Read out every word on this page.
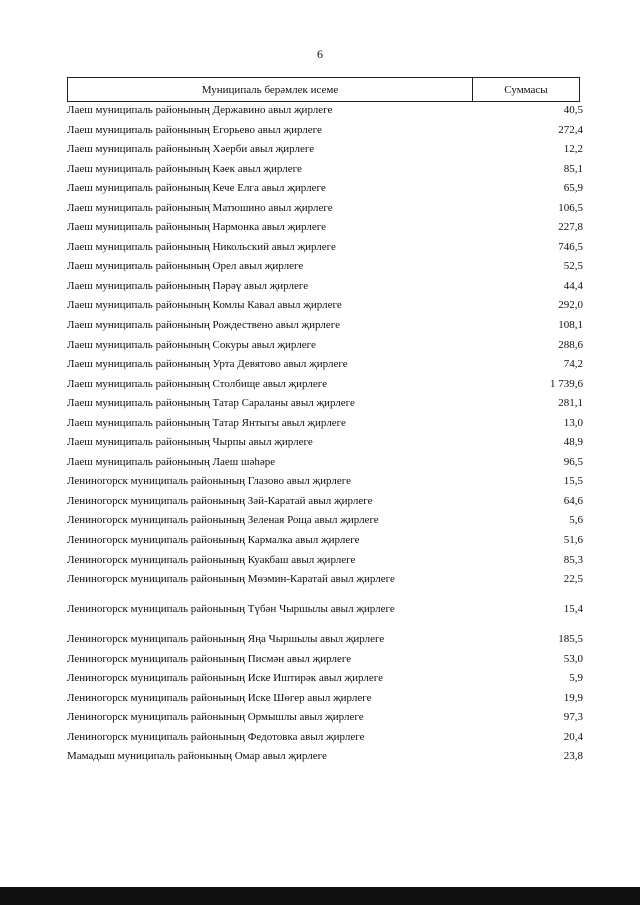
6
Муниципаль берәмлек исеме	Суммасы
Лаеш муниципаль районының Державино авыл җирлеге	40,5
Лаеш муниципаль районының Егорьево авыл җирлеге	272,4
Лаеш муниципаль районының Хәерби авыл җирлеге	12,2
Лаеш муниципаль районының Кәек авыл җирлеге	85,1
Лаеш муниципаль районының Кече Елга авыл җирлеге	65,9
Лаеш муниципаль районының Матюшино авыл җирлеге	106,5
Лаеш муниципаль районының Нармонка авыл җирлеге	227,8
Лаеш муниципаль районының Никольский авыл җирлеге	746,5
Лаеш муниципаль районының Орел авыл җирлеге	52,5
Лаеш муниципаль районының Пәрәү авыл җирлеге	44,4
Лаеш муниципаль районының Комлы Кавал авыл җирлеге	292,0
Лаеш муниципаль районының Рождествено авыл җирлеге	108,1
Лаеш муниципаль районының Сокуры авыл җирлеге	288,6
Лаеш муниципаль районының Урта Девятово авыл җирлеге	74,2
Лаеш муниципаль районының Столбище авыл җирлеге	1 739,6
Лаеш муниципаль районының Татар Сараланы авыл җирлеге	281,1
Лаеш муниципаль районының Татар Янтыгы авыл җирлеге	13,0
Лаеш муниципаль районының Чырпы авыл җирлеге	48,9
Лаеш муниципаль районының Лаеш шәһәре	96,5
Лениногорск муниципаль районының Глазово авыл җирлеге	15,5
Лениногорск муниципаль районының Зәй-Каратай авыл җирлеге	64,6
Лениногорск муниципаль районының Зеленая Роща авыл җирлеге	5,6
Лениногорск муниципаль районының Кармалка авыл җирлеге	51,6
Лениногорск муниципаль районының Куакбаш авыл җирлеге	85,3
Лениногорск муниципаль районының Мөэмин-Каратай авыл җирлеге	22,5
Лениногорск муниципаль районының Түбән Чыршылы авыл җирлеге	15,4
Лениногорск муниципаль районының Яңа Чыршылы авыл җирлеге	185,5
Лениногорск муниципаль районының Писмән авыл җирлеге	53,0
Лениногорск муниципаль районының Иске Иштирәк авыл җирлеге	5,9
Лениногорск муниципаль районының Иске Шөгер авыл җирлеге	19,9
Лениногорск муниципаль районының Ормышлы авыл җирлеге	97,3
Лениногорск муниципаль районының Федотовка авыл җирлеге	20,4
Мамадыш муниципаль районының Омар авыл җирлеге	23,8
